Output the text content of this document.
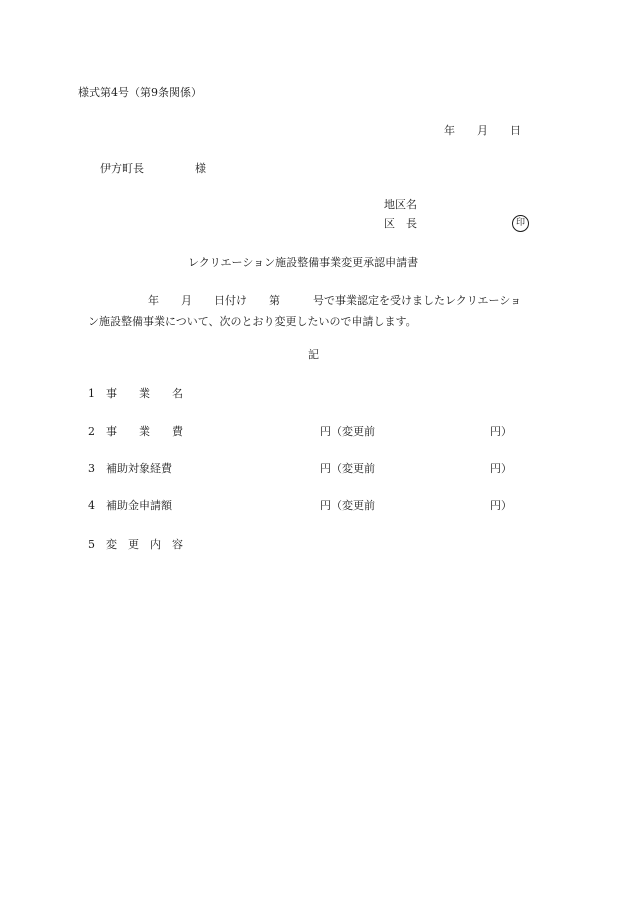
様式第4号（第9条関係）
年　　月　　日
伊方町長	様
地区名
区　長	印
レクリエーション施設整備事業変更承認申請書
年　　月　　日付け　　第　　　号で事業認定を受けましたレクリエーショ
ン施設整備事業について、次のとおり変更したいので申請します。
記
1 事　　業　　名
2 事　　業　　費	円 （変更前	円）
3 補助対象経費	円 （変更前	円）
4 補助金申請額	円 （変更前	円）
5 変　更　内　容
